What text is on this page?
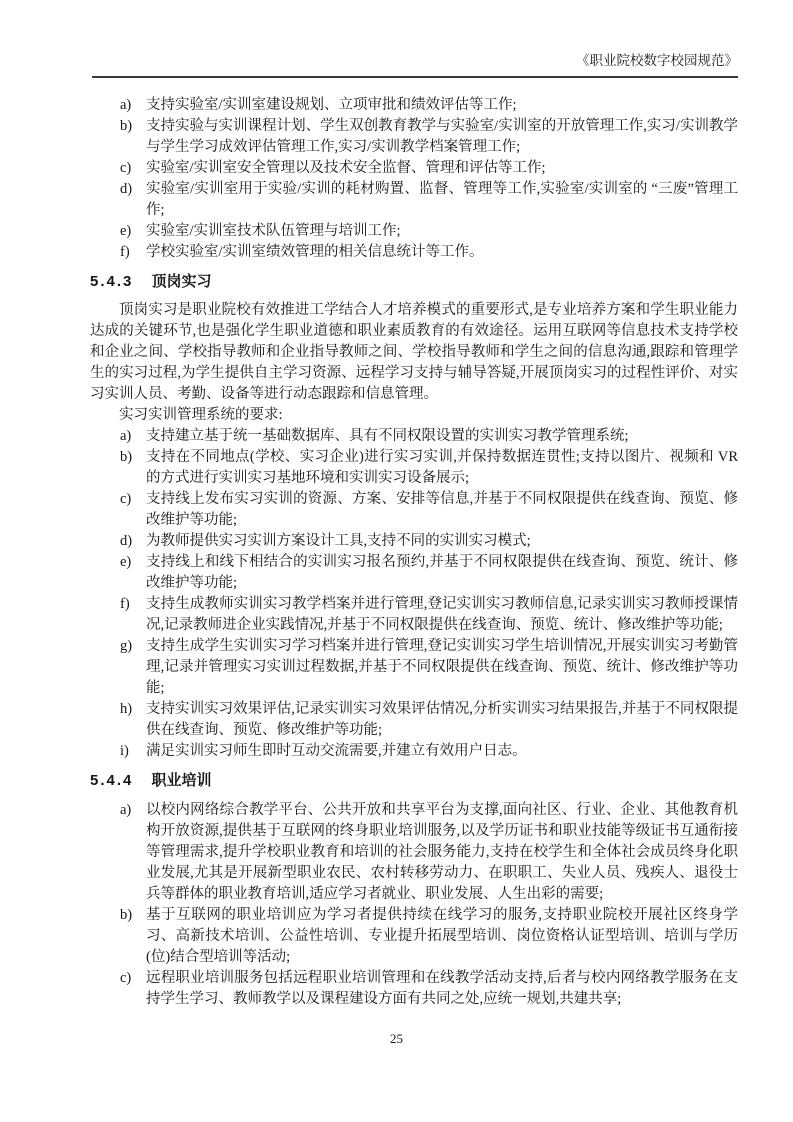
《职业院校数字校园规范》
a)	支持实验室/实训室建设规划、立项审批和绩效评估等工作;
b) 支持实验与实训课程计划、学生双创教育教学与实验室/实训室的开放管理工作,实习/实训教学与学生学习成效评估管理工作,实习/实训教学档案管理工作;
c)	实验室/实训室安全管理以及技术安全监督、管理和评估等工作;
d) 实验室/实训室用于实验/实训的耗材购置、监督、管理等工作,实验室/实训室的 “三废”管理工作;
e)	实验室/实训室技术队伍管理与培训工作;
f)	学校实验室/实训室绩效管理的相关信息统计等工作。
5.4.3 顶岗实习

顶岗实习是职业院校有效推进工学结合人才培养模式的重要形式,是专业培养方案和学生职业能力达成的关键环节,也是强化学生职业道德和职业素质教育的有效途径。运用互联网等信息技术支持学校和企业之间、学校指导教师和企业指导教师之间、学校指导教师和学生之间的信息沟通,跟踪和管理学生的实习过程,为学生提供自主学习资源、远程学习支持与辅导答疑,开展顶岗实习的过程性评价、对实习实训人员、考勤、设备等进行动态跟踪和信息管理。

实习实训管理系统的要求:

a)	支持建立基于统一基础数据库、具有不同权限设置的实训实习教学管理系统;
b) 支持在不同地点(学校、实习企业)进行实习实训,并保持数据连贯性;支持以图片、视频和 VR 的方式进行实训实习基地环境和实训实习设备展示;
c)	支持线上发布实习实训的资源、方案、安排等信息,并基于不同权限提供在线查询、预览、修改维护等功能;
d) 为教师提供实习实训方案设计工具,支持不同的实训实习模式;
e)	支持线上和线下相结合的实训实习报名预约,并基于不同权限提供在线查询、预览、统计、修改维护等功能;
f)	支持生成教师实训实习教学档案并进行管理,登记实训实习教师信息,记录实训实习教师授课情况,记录教师进企业实践情况,并基于不同权限提供在线查询、预览、统计、修改维护等功能;
g) 支持生成学生实训实习学习档案并进行管理,登记实训实习学生培训情况,开展实训实习考勤管理,记录并管理实习实训过程数据,并基于不同权限提供在线查询、预览、统计、修改维护等功能;
h) 支持实训实习效果评估,记录实训实习效果评估情况,分析实训实习结果报告,并基于不同权限提供在线查询、预览、修改维护等功能;
i)	满足实训实习师生即时互动交流需要,并建立有效用户日志。
5.4.4 职业培训
a)	以校内网络综合教学平台、公共开放和共享平台为支撑,面向社区、行业、企业、其他教育机构开放资源,提供基于互联网的终身职业培训服务,以及学历证书和职业技能等级证书互通衔接等管理需求,提升学校职业教育和培训的社会服务能力,支持在校学生和全体社会成员终身化职业发展,尤其是开展新型职业农民、农村转移劳动力、在职职工、失业人员、残疾人、退役士兵等群体的职业教育培训,适应学习者就业、职业发展、人生出彩的需要;
b) 基于互联网的职业培训应为学习者提供持续在线学习的服务,支持职业院校开展社区终身学习、高新技术培训、公益性培训、专业提升拓展型培训、岗位资格认证型培训、培训与学历(位)结合型培训等活动;
c)	远程职业培训服务包括远程职业培训管理和在线教学活动支持,后者与校内网络教学服务在支持学生学习、教师教学以及课程建设方面有共同之处,应统一规划,共建共享;
25
